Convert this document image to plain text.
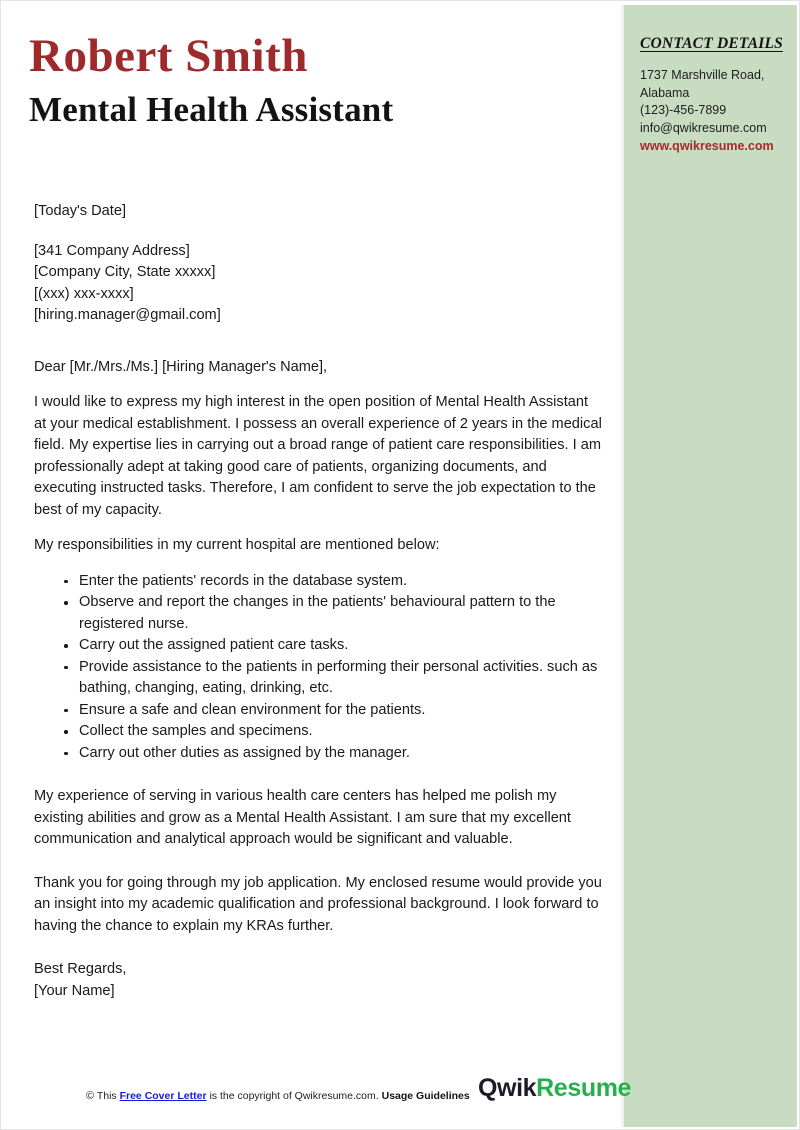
CONTACT DETAILS
1737 Marshville Road,
Alabama
(123)-456-7899
info@qwikresume.com
www.qwikresume.com
Robert Smith
Mental Health Assistant
[Today's Date]
[341 Company Address]
[Company City, State xxxxx]
[(xxx) xxx-xxxx]
[hiring.manager@gmail.com]

Dear [Mr./Mrs./Ms.] [Hiring Manager's Name],

I would like to express my high interest in the open position of Mental Health Assistant at your medical establishment. I possess an overall experience of 2 years in the medical field. My expertise lies in carrying out a broad range of patient care responsibilities. I am professionally adept at taking good care of patients, organizing documents, and executing instructed tasks. Therefore, I am confident to serve the job expectation to the best of my capacity.

My responsibilities in my current hospital are mentioned below:

Enter the patients' records in the database system.
Observe and report the changes in the patients' behavioural pattern to the registered nurse.
Carry out the assigned patient care tasks.
Provide assistance to the patients in performing their personal activities. such as bathing, changing, eating, drinking, etc.
Ensure a safe and clean environment for the patients.
Collect the samples and specimens.
Carry out other duties as assigned by the manager.

My experience of serving in various health care centers has helped me polish my existing abilities and grow as a Mental Health Assistant. I am sure that my excellent communication and analytical approach would be significant and valuable.

Thank you for going through my job application. My enclosed resume would provide you an insight into my academic qualification and professional background. I look forward to having the chance to explain my KRAs further.

Best Regards,
[Your Name]
© This Free Cover Letter is the copyright of Qwikresume.com. Usage Guidelines QwikResume
